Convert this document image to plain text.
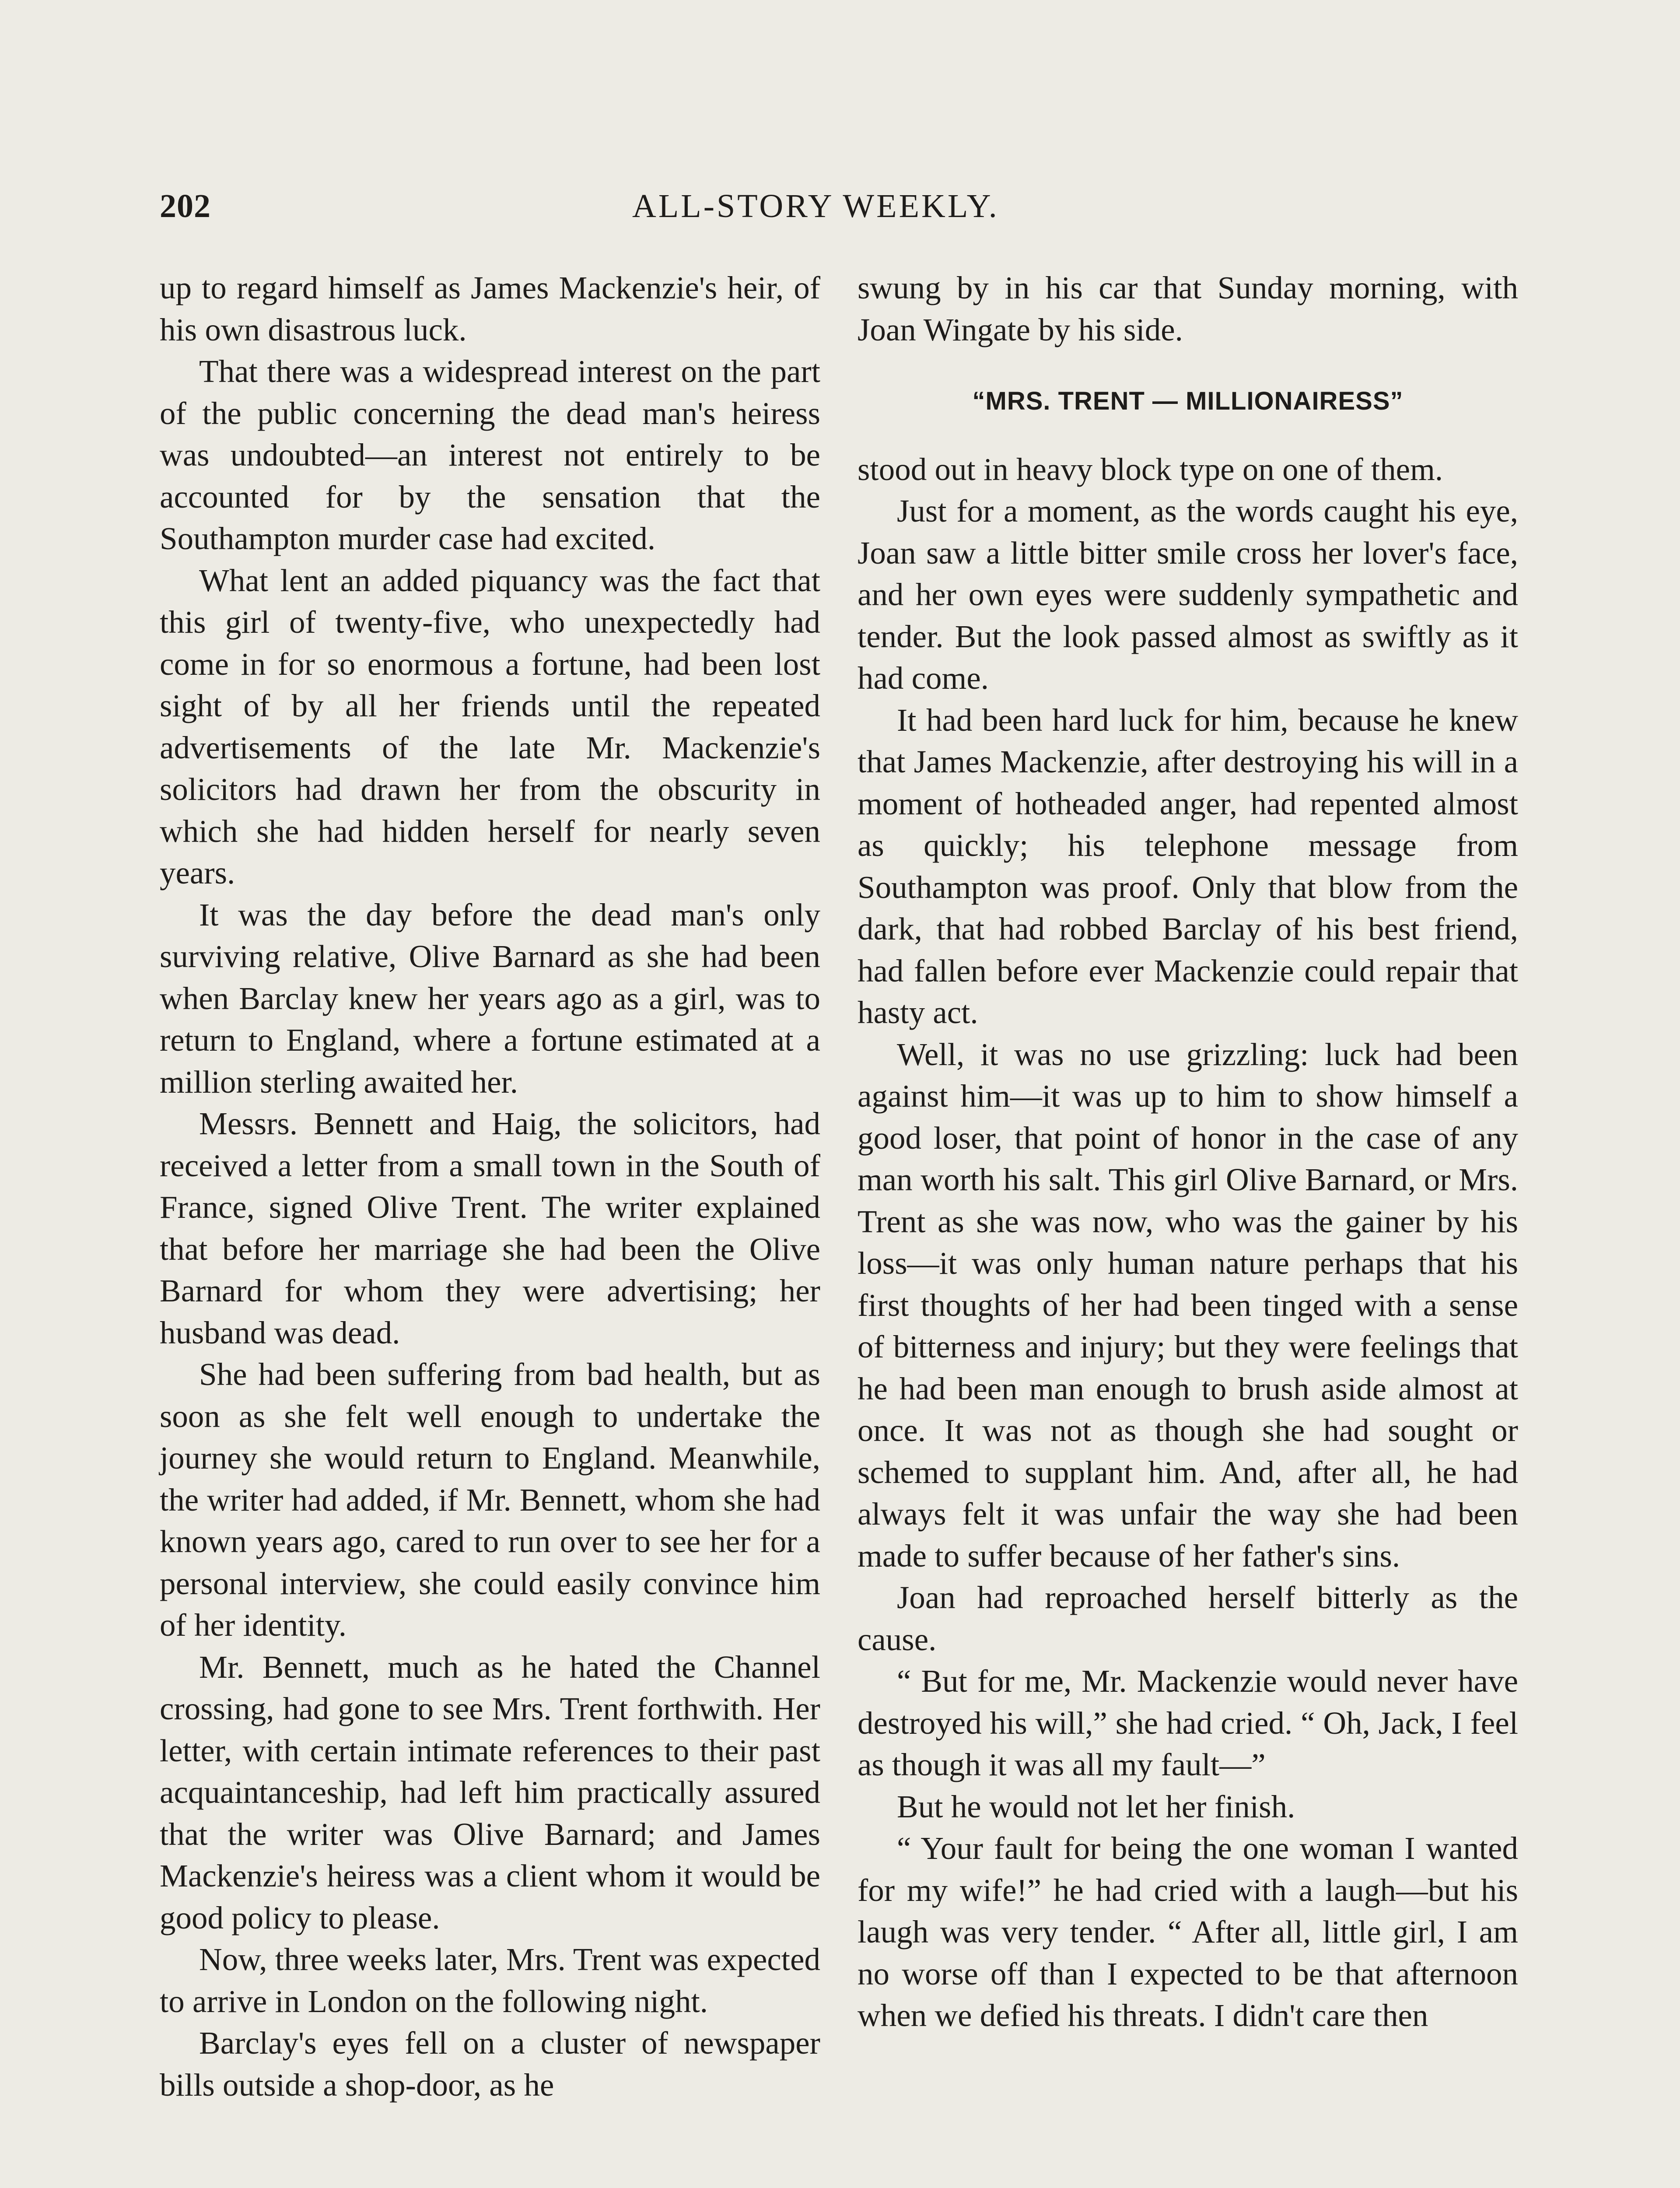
202	ALL-STORY WEEKLY.

up to regard himself as James Mackenzie's heir, of his own disastrous luck.

That there was a widespread interest on the part of the public concerning the dead man's heiress was undoubted—an interest not entirely to be accounted for by the sensation that the Southampton murder case had excited.

What lent an added piquancy was the fact that this girl of twenty-five, who unexpectedly had come in for so enormous a fortune, had been lost sight of by all her friends until the repeated advertisements of the late Mr. Mackenzie's solicitors had drawn her from the obscurity in which she had hidden herself for nearly seven years.

It was the day before the dead man's only surviving relative, Olive Barnard as she had been when Barclay knew her years ago as a girl, was to return to England, where a fortune estimated at a million sterling awaited her.

Messrs. Bennett and Haig, the solicitors, had received a letter from a small town in the South of France, signed Olive Trent. The writer explained that before her marriage she had been the Olive Barnard for whom they were advertising; her husband was dead.

She had been suffering from bad health, but as soon as she felt well enough to undertake the journey she would return to England. Meanwhile, the writer had added, if Mr. Bennett, whom she had known years ago, cared to run over to see her for a personal interview, she could easily convince him of her identity.

Mr. Bennett, much as he hated the Channel crossing, had gone to see Mrs. Trent forthwith. Her letter, with certain intimate references to their past acquaintanceship, had left him practically assured that the writer was Olive Barnard; and James Mackenzie's heiress was a client whom it would be good policy to please.

Now, three weeks later, Mrs. Trent was expected to arrive in London on the following night.

Barclay's eyes fell on a cluster of newspaper bills outside a shop-door, as he

swung by in his car that Sunday morning, with Joan Wingate by his side.

“MRS. TRENT — MILLIONAIRESS”

stood out in heavy block type on one of them.

Just for a moment, as the words caught his eye, Joan saw a little bitter smile cross her lover's face, and her own eyes were suddenly sympathetic and tender. But the look passed almost as swiftly as it had come.

It had been hard luck for him, because he knew that James Mackenzie, after destroying his will in a moment of hotheaded anger, had repented almost as quickly; his telephone message from Southampton was proof. Only that blow from the dark, that had robbed Barclay of his best friend, had fallen before ever Mackenzie could repair that hasty act.

Well, it was no use grizzling: luck had been against him—it was up to him to show himself a good loser, that point of honor in the case of any man worth his salt. This girl Olive Barnard, or Mrs. Trent as she was now, who was the gainer by his loss—it was only human nature perhaps that his first thoughts of her had been tinged with a sense of bitterness and injury; but they were feelings that he had been man enough to brush aside almost at once. It was not as though she had sought or schemed to supplant him. And, after all, he had always felt it was unfair the way she had been made to suffer because of her father's sins.

Joan had reproached herself bitterly as the cause.

“ But for me, Mr. Mackenzie would never have destroyed his will,” she had cried. “ Oh, Jack, I feel as though it was all my fault—”

But he would not let her finish.

“ Your fault for being the one woman I wanted for my wife!” he had cried with a laugh—but his laugh was very tender. “ After all, little girl, I am no worse off than I expected to be that afternoon when we defied his threats. I didn't care then
